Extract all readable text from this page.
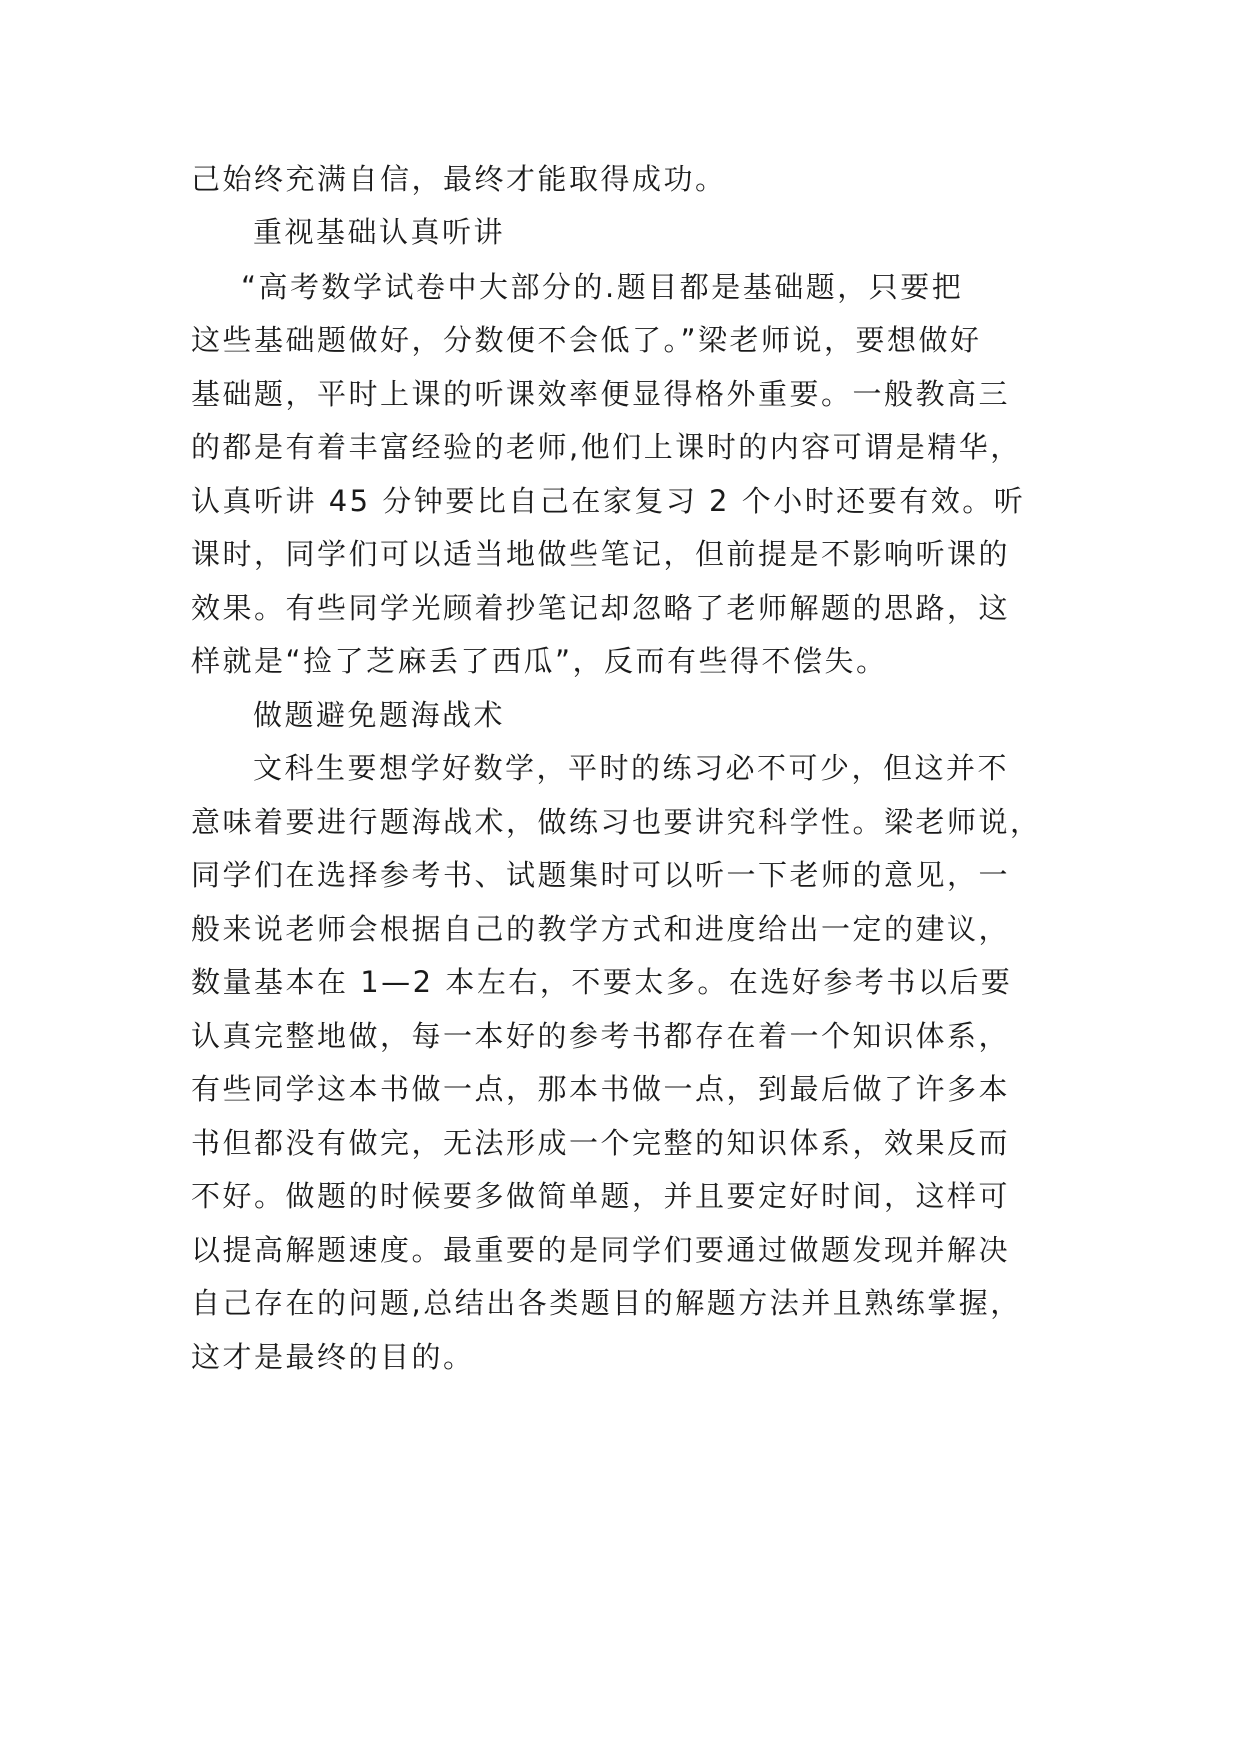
己始终充满自信，最终才能取得成功。
重视基础认真听讲
“高考数学试卷中大部分的.题目都是基础题，只要把
这些基础题做好，分数便不会低了。”梁老师说，要想做好
基础题，平时上课的听课效率便显得格外重要。一般教高三
的都是有着丰富经验的老师,他们上课时的内容可谓是精华，
认真听讲 45 分钟要比自己在家复习 2 个小时还要有效。听
课时，同学们可以适当地做些笔记，但前提是不影响听课的
效果。有些同学光顾着抄笔记却忽略了老师解题的思路，这
样就是“捡了芝麻丢了西瓜”，反而有些得不偿失。
做题避免题海战术
文科生要想学好数学，平时的练习必不可少，但这并不
意味着要进行题海战术，做练习也要讲究科学性。梁老师说，
同学们在选择参考书、试题集时可以听一下老师的意见，一
般来说老师会根据自己的教学方式和进度给出一定的建议，
数量基本在 1—2 本左右，不要太多。在选好参考书以后要
认真完整地做，每一本好的参考书都存在着一个知识体系，
有些同学这本书做一点，那本书做一点，到最后做了许多本
书但都没有做完，无法形成一个完整的知识体系，效果反而
不好。做题的时候要多做简单题，并且要定好时间，这样可
以提高解题速度。最重要的是同学们要通过做题发现并解决
自己存在的问题,总结出各类题目的解题方法并且熟练掌握，
这才是最终的目的。
